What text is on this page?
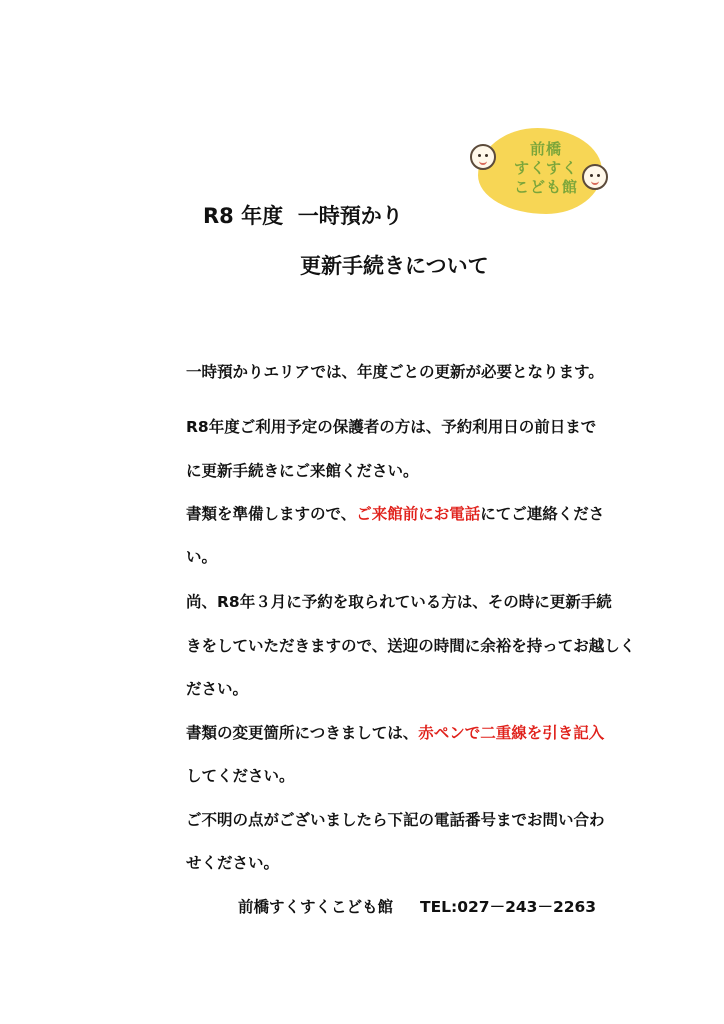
前橋
すくすく
こども館
R8 年度 一時預かり
更新手続きについて
一時預かりエリアでは、年度ごとの更新が必要となります。
R8年度ご利用予定の保護者の方は、予約利用日の前日まで
に更新手続きにご来館ください。
書類を準備しますので、ご来館前にお電話にてご連絡くださ
い。
尚、R8年３月に予約を取られている方は、その時に更新手続
きをしていただきますので、送迎の時間に余裕を持ってお越しく
ださい。
書類の変更箇所につきましては、赤ペンで二重線を引き記入
してください。
ご不明の点がございましたら下記の電話番号までお問い合わ
せください。
前橋すくすくこども館 TEL:027－243－2263
